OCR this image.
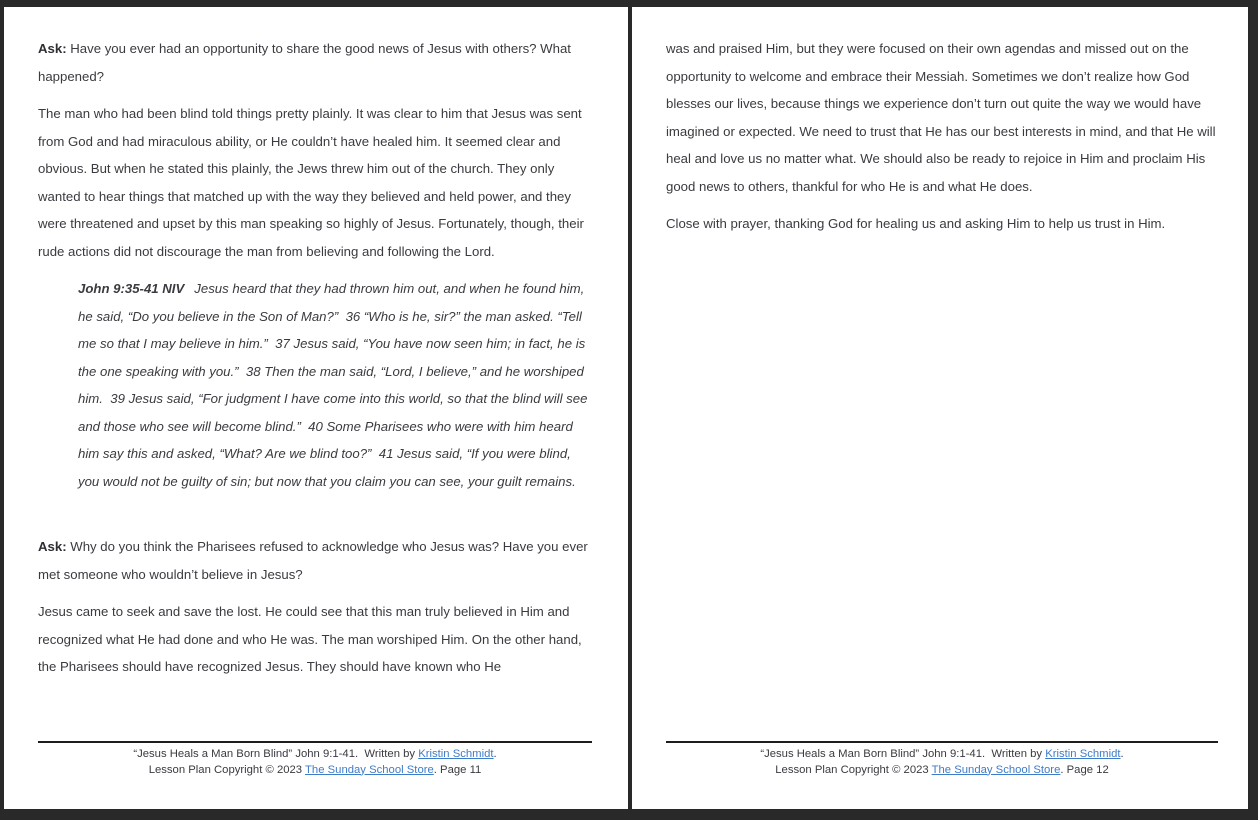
Ask: Have you ever had an opportunity to share the good news of Jesus with others? What happened?

The man who had been blind told things pretty plainly. It was clear to him that Jesus was sent from God and had miraculous ability, or He couldn’t have healed him. It seemed clear and obvious. But when he stated this plainly, the Jews threw him out of the church. They only wanted to hear things that matched up with the way they believed and held power, and they were threatened and upset by this man speaking so highly of Jesus. Fortunately, though, their rude actions did not discourage the man from believing and following the Lord.

John 9:35-41 NIV Jesus heard that they had thrown him out, and when he found him, he said, “Do you believe in the Son of Man?”  36 “Who is he, sir?” the man asked. “Tell me so that I may believe in him.”  37 Jesus said, “You have now seen him; in fact, he is the one speaking with you.”  38 Then the man said, “Lord, I believe,” and he worshiped him.  39 Jesus said, “For judgment I have come into this world, so that the blind will see and those who see will become blind.”  40 Some Pharisees who were with him heard him say this and asked, “What? Are we blind too?”  41 Jesus said, “If you were blind, you would not be guilty of sin; but now that you claim you can see, your guilt remains.

Ask: Why do you think the Pharisees refused to acknowledge who Jesus was? Have you ever met someone who wouldn’t believe in Jesus?

Jesus came to seek and save the lost. He could see that this man truly believed in Him and recognized what He had done and who He was. The man worshiped Him. On the other hand, the Pharisees should have recognized Jesus. They should have known who He

“Jesus Heals a Man Born Blind” John 9:1-41.  Written by Kristin Schmidt.
Lesson Plan Copyright © 2023 The Sunday School Store. Page 11

was and praised Him, but they were focused on their own agendas and missed out on the opportunity to welcome and embrace their Messiah. Sometimes we don’t realize how God blesses our lives, because things we experience don’t turn out quite the way we would have imagined or expected. We need to trust that He has our best interests in mind, and that He will heal and love us no matter what. We should also be ready to rejoice in Him and proclaim His good news to others, thankful for who He is and what He does.

Close with prayer, thanking God for healing us and asking Him to help us trust in Him.

“Jesus Heals a Man Born Blind” John 9:1-41.  Written by Kristin Schmidt.
Lesson Plan Copyright © 2023 The Sunday School Store. Page 12
